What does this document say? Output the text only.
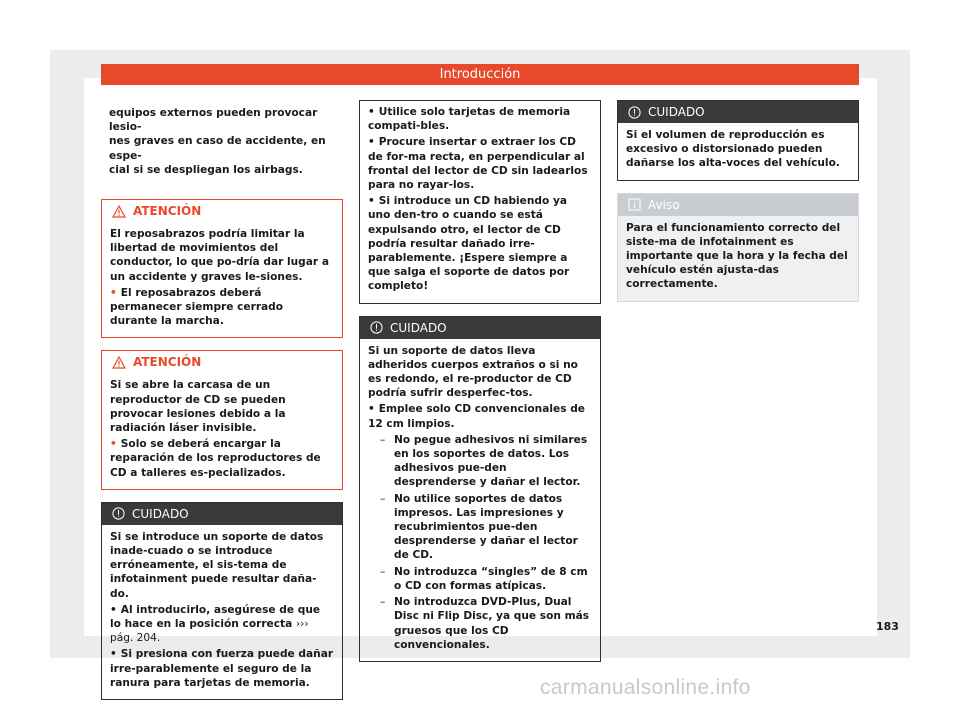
Introducción
equipos externos pueden provocar lesio-
nes graves en caso de accidente, en espe-
cial si se despliegan los airbags.
ATENCIÓN

El reposabrazos podría limitar la libertad de movimientos del conductor, lo que po-dría dar lugar a un accidente y graves le-siones.

• El reposabrazos deberá permanecer siempre cerrado durante la marcha.

ATENCIÓN

Si se abre la carcasa de un reproductor de CD se pueden provocar lesiones debido a la radiación láser invisible.

• Solo se deberá encargar la reparación de los reproductores de CD a talleres es-pecializados.

CUIDADO

Si se introduce un soporte de datos inade-cuado o se introduce erróneamente, el sis-tema de infotainment puede resultar daña-do.

• Al introducirlo, asegúrese de que lo hace en la posición correcta ››› pág. 204.

• Si presiona con fuerza puede dañar irre-parablemente el seguro de la ranura para tarjetas de memoria.

• Utilice solo tarjetas de memoria compati-bles.

• Procure insertar o extraer los CD de for-ma recta, en perpendicular al frontal del lector de CD sin ladearlos para no rayar-los.

• Si introduce un CD habiendo ya uno den-tro o cuando se está expulsando otro, el lector de CD podría resultar dañado irre-parablemente. ¡Espere siempre a que salga el soporte de datos por completo!

CUIDADO

Si un soporte de datos lleva adheridos cuerpos extraños o si no es redondo, el re-productor de CD podría sufrir desperfec-tos.

• Emplee solo CD convencionales de 12 cm limpios.

– No pegue adhesivos ni similares en los soportes de datos. Los adhesivos pue-den desprenderse y dañar el lector.
– No utilice soportes de datos impresos. Las impresiones y recubrimientos pue-den desprenderse y dañar el lector de CD.
– No introduzca “singles” de 8 cm o CD con formas atípicas.
– No introduzca DVD-Plus, Dual Disc ni Flip Disc, ya que son más gruesos que los CD convencionales.
CUIDADO

Si el volumen de reproducción es excesivo o distorsionado pueden dañarse los alta-voces del vehículo.

Aviso

Para el funcionamiento correcto del siste-ma de infotainment es importante que la hora y la fecha del vehículo estén ajusta-das correctamente.

183
carmanualsonline.info
